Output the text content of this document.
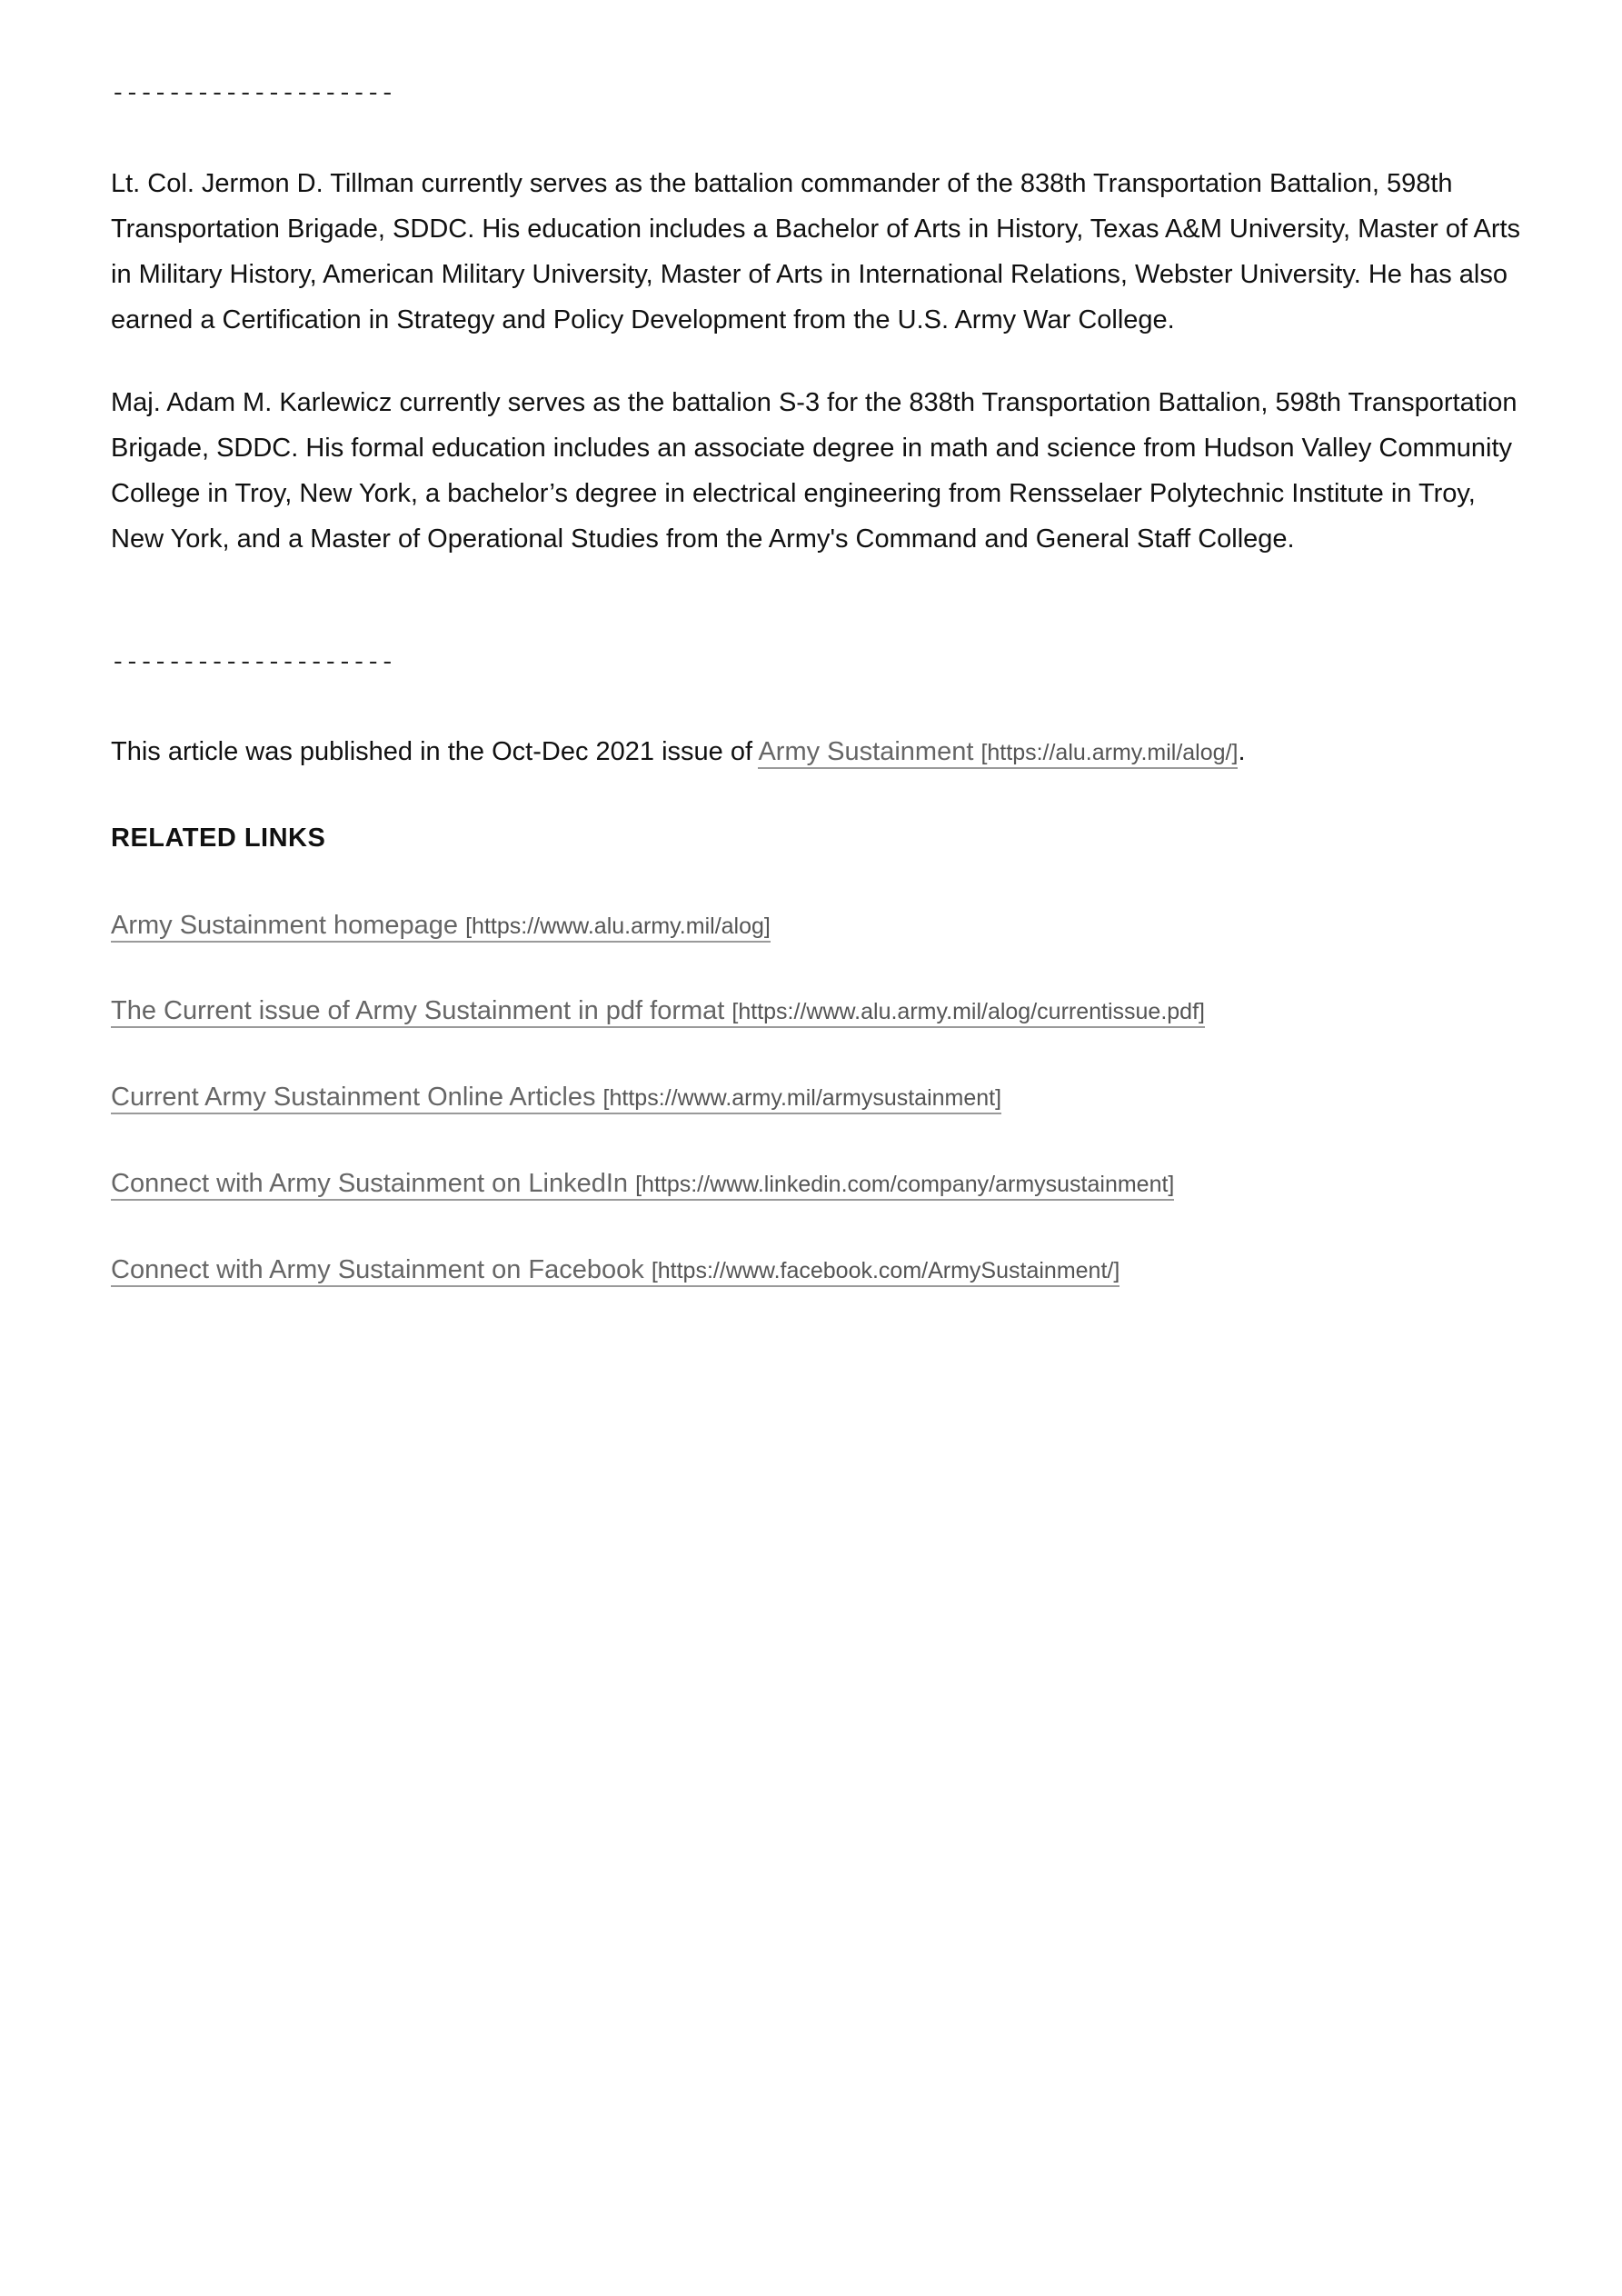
--------------------

Lt. Col. Jermon D. Tillman currently serves as the battalion commander of the 838th Transportation Battalion, 598th Transportation Brigade, SDDC. His education includes a Bachelor of Arts in History, Texas A&M University, Master of Arts in Military History, American Military University, Master of Arts in International Relations, Webster University. He has also earned a Certification in Strategy and Policy Development from the U.S. Army War College.

Maj. Adam M. Karlewicz currently serves as the battalion S-3 for the 838th Transportation Battalion, 598th Transportation Brigade, SDDC. His formal education includes an associate degree in math and science from Hudson Valley Community College in Troy, New York, a bachelor’s degree in electrical engineering from Rensselaer Polytechnic Institute in Troy, New York, and a Master of Operational Studies from the Army's Command and General Staff College.

--------------------

This article was published in the Oct-Dec 2021 issue of Army Sustainment [https://alu.army.mil/alog/].

RELATED LINKS

Army Sustainment homepage [https://www.alu.army.mil/alog]

The Current issue of Army Sustainment in pdf format [https://www.alu.army.mil/alog/currentissue.pdf]

Current Army Sustainment Online Articles [https://www.army.mil/armysustainment]

Connect with Army Sustainment on LinkedIn [https://www.linkedin.com/company/armysustainment]

Connect with Army Sustainment on Facebook [https://www.facebook.com/ArmySustainment/]
